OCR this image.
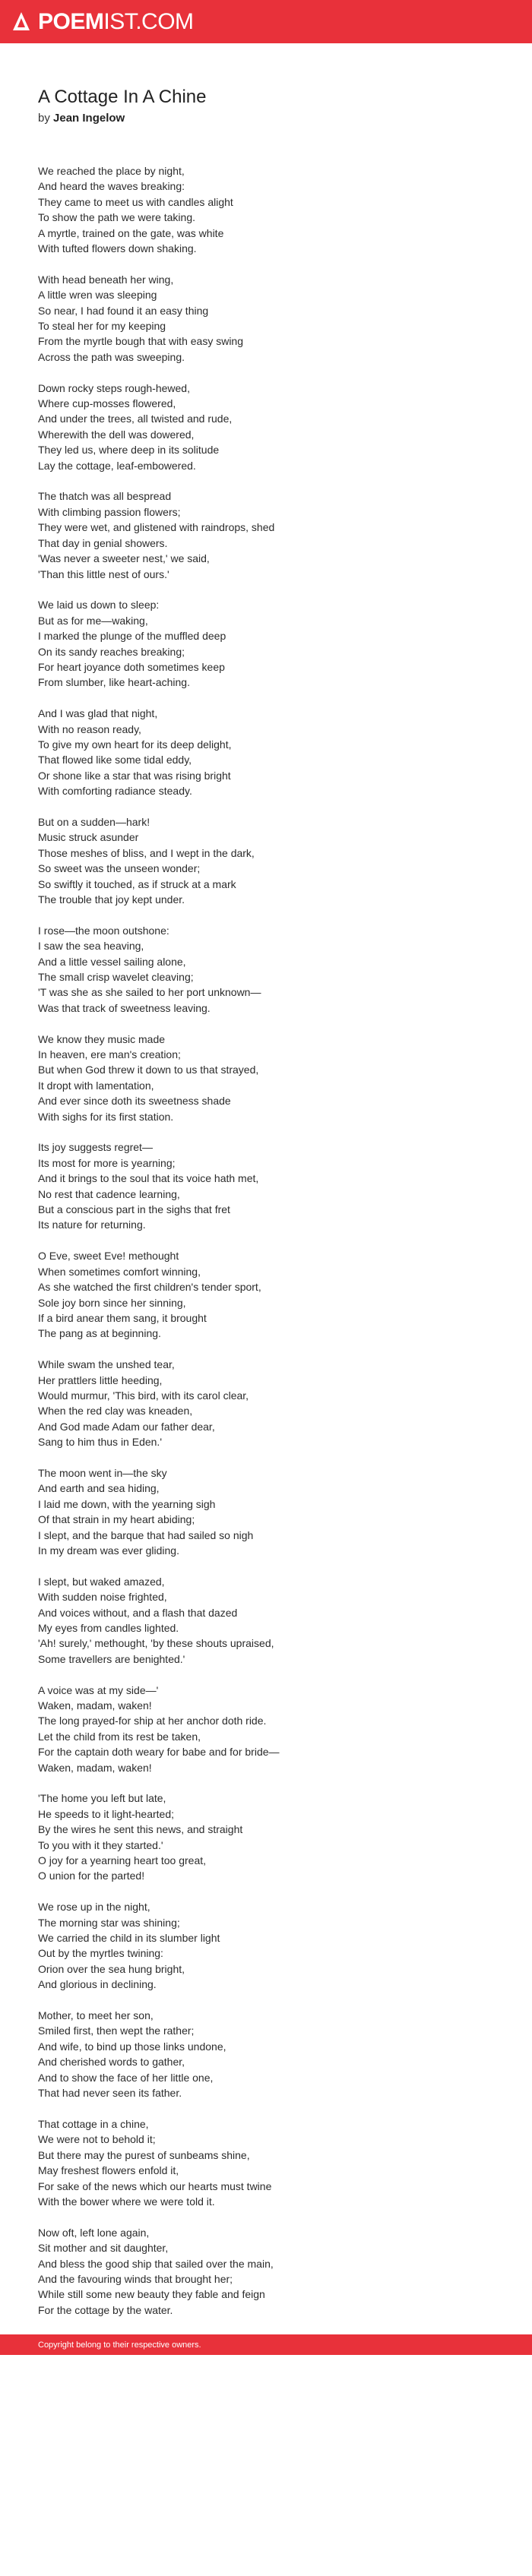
POEMIST.COM
A Cottage In A Chine
by Jean Ingelow

We reached the place by night,
And heard the waves breaking:
They came to meet us with candles alight
To show the path we were taking.
A myrtle, trained on the gate, was white
With tufted flowers down shaking.

With head beneath her wing,
A little wren was sleeping
So near, I had found it an easy thing
To steal her for my keeping
From the myrtle bough that with easy swing
Across the path was sweeping.

Down rocky steps rough-hewed,
Where cup-mosses flowered,
And under the trees, all twisted and rude,
Wherewith the dell was dowered,
They led us, where deep in its solitude
Lay the cottage, leaf-embowered.

The thatch was all bespread
With climbing passion flowers;
They were wet, and glistened with raindrops, shed
That day in genial showers.
'Was never a sweeter nest,' we said,
'Than this little nest of ours.'

We laid us down to sleep:
But as for me—waking,
I marked the plunge of the muffled deep
On its sandy reaches breaking;
For heart joyance doth sometimes keep
From slumber, like heart-aching.

And I was glad that night,
With no reason ready,
To give my own heart for its deep delight,
That flowed like some tidal eddy,
Or shone like a star that was rising bright
With comforting radiance steady.

But on a sudden—hark!
Music struck asunder
Those meshes of bliss, and I wept in the dark,
So sweet was the unseen wonder;
So swiftly it touched, as if struck at a mark
The trouble that joy kept under.

I rose—the moon outshone:
I saw the sea heaving,
And a little vessel sailing alone,
The small crisp wavelet cleaving;
'T was she as she sailed to her port unknown—
Was that track of sweetness leaving.

We know they music made
In heaven, ere man's creation;
But when God threw it down to us that strayed,
It dropt with lamentation,
And ever since doth its sweetness shade
With sighs for its first station.

Its joy suggests regret—
Its most for more is yearning;
And it brings to the soul that its voice hath met,
No rest that cadence learning,
But a conscious part in the sighs that fret
Its nature for returning.

O Eve, sweet Eve! methought
When sometimes comfort winning,
As she watched the first children's tender sport,
Sole joy born since her sinning,
If a bird anear them sang, it brought
The pang as at beginning.

While swam the unshed tear,
Her prattlers little heeding,
Would murmur, 'This bird, with its carol clear,
When the red clay was kneaden,
And God made Adam our father dear,
Sang to him thus in Eden.'

The moon went in—the sky
And earth and sea hiding,
I laid me down, with the yearning sigh
Of that strain in my heart abiding;
I slept, and the barque that had sailed so nigh
In my dream was ever gliding.

I slept, but waked amazed,
With sudden noise frighted,
And voices without, and a flash that dazed
My eyes from candles lighted.
'Ah! surely,' methought, 'by these shouts upraised,
Some travellers are benighted.'

A voice was at my side—'
Waken, madam, waken!
The long prayed-for ship at her anchor doth ride.
Let the child from its rest be taken,
For the captain doth weary for babe and for bride—
Waken, madam, waken!

'The home you left but late,
He speeds to it light-hearted;
By the wires he sent this news, and straight
To you with it they started.'
O joy for a yearning heart too great,
O union for the parted!

We rose up in the night,
The morning star was shining;
We carried the child in its slumber light
Out by the myrtles twining:
Orion over the sea hung bright,
And glorious in declining.

Mother, to meet her son,
Smiled first, then wept the rather;
And wife, to bind up those links undone,
And cherished words to gather,
And to show the face of her little one,
That had never seen its father.

That cottage in a chine,
We were not to behold it;
But there may the purest of sunbeams shine,
May freshest flowers enfold it,
For sake of the news which our hearts must twine
With the bower where we were told it.

Now oft, left lone again,
Sit mother and sit daughter,
And bless the good ship that sailed over the main,
And the favouring winds that brought her;
While still some new beauty they fable and feign
For the cottage by the water.

Copyright belong to their respective owners.
